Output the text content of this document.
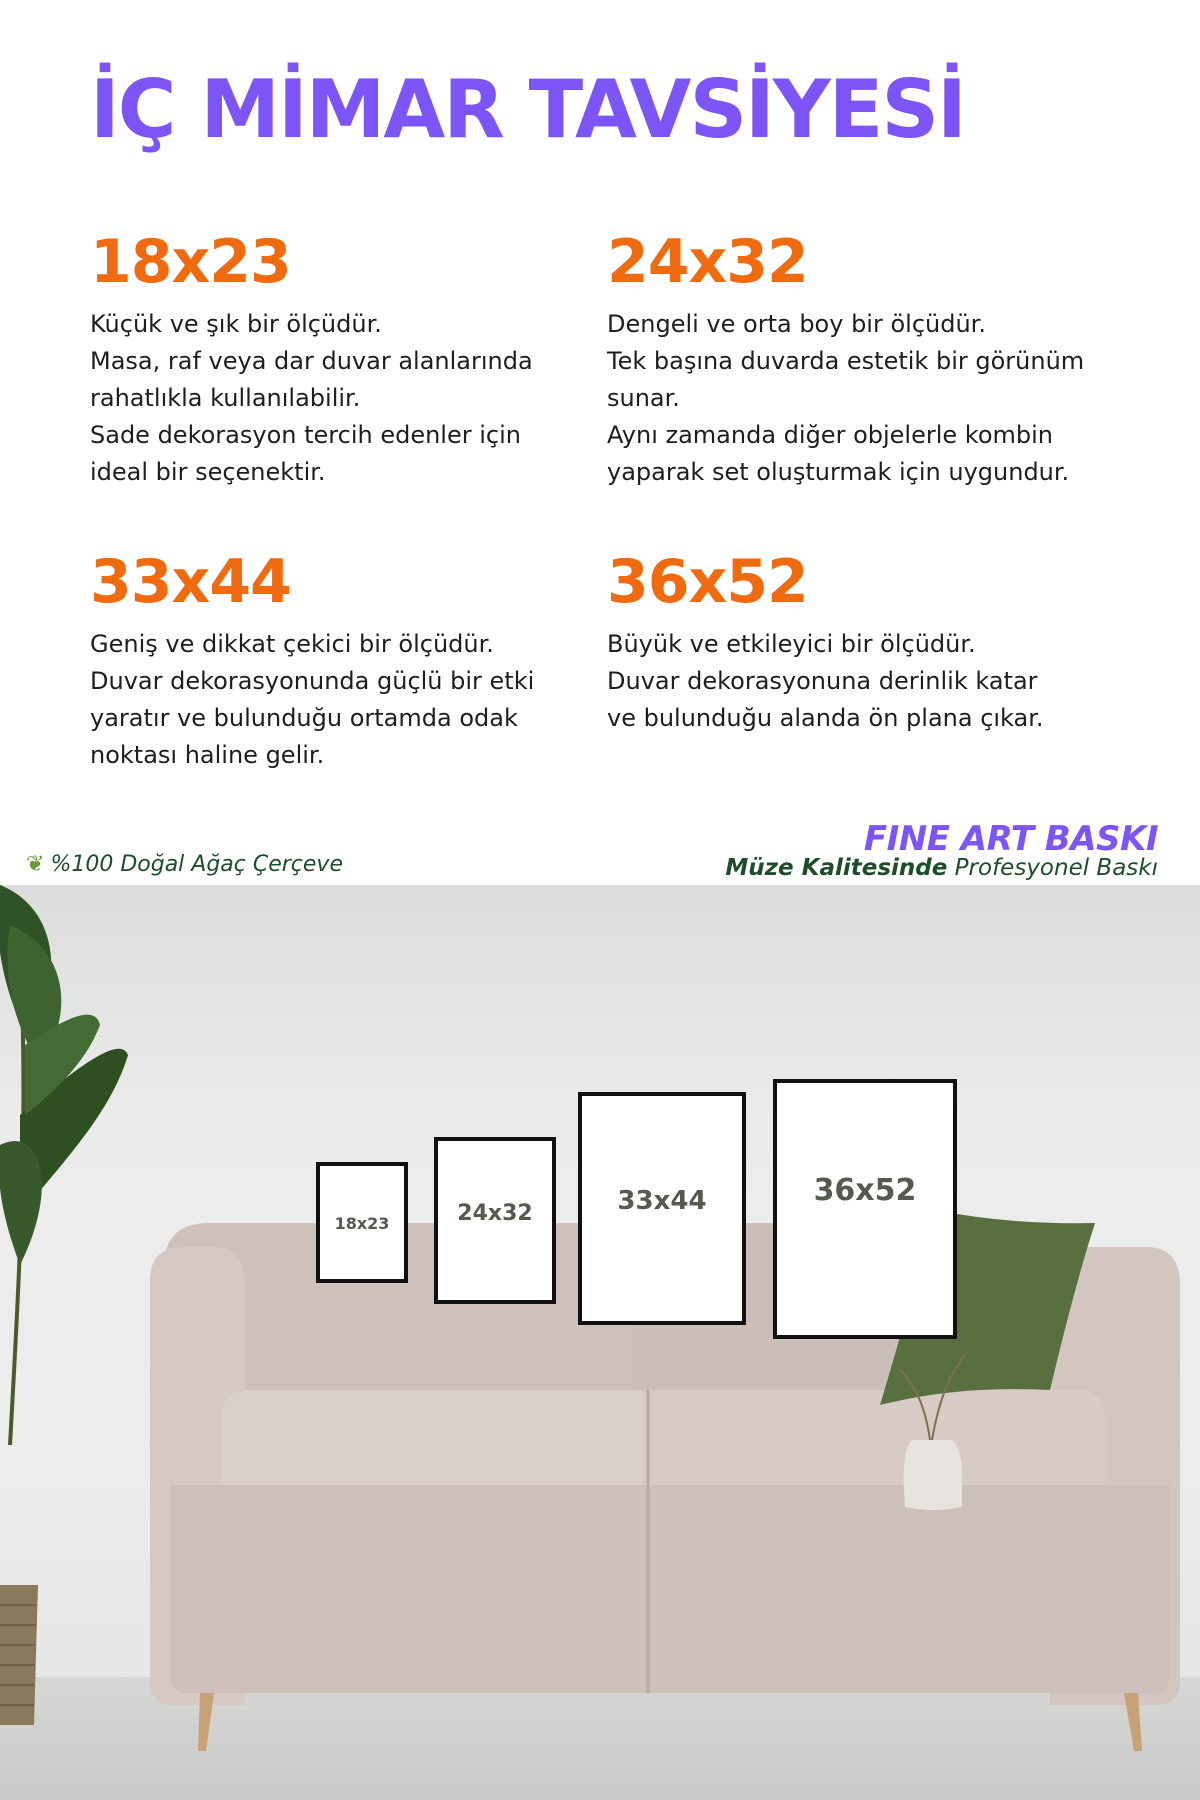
İÇ MİMAR TAVSİYESİ
18x23
Küçük ve şık bir ölçüdür.
Masa, raf veya dar duvar alanlarında
rahatlıkla kullanılabilir.
Sade dekorasyon tercih edenler için
ideal bir seçenektir.
24x32
Dengeli ve orta boy bir ölçüdür.
Tek başına duvarda estetik bir görünüm
sunar.
Aynı zamanda diğer objelerle kombin
yaparak set oluşturmak için uygundur.
33x44
Geniş ve dikkat çekici bir ölçüdür.
Duvar dekorasyonunda güçlü bir etki
yaratır ve bulunduğu ortamda odak
noktası haline gelir.
36x52
Büyük ve etkileyici bir ölçüdür.
Duvar dekorasyonuna derinlik katar
ve bulunduğu alanda ön plana çıkar.
❦ %100 Doğal Ağaç Çerçeve
FINE ART BASKI
Müze Kalitesinde Profesyonel Baskı
18x23	24x32	33x44	36x52
